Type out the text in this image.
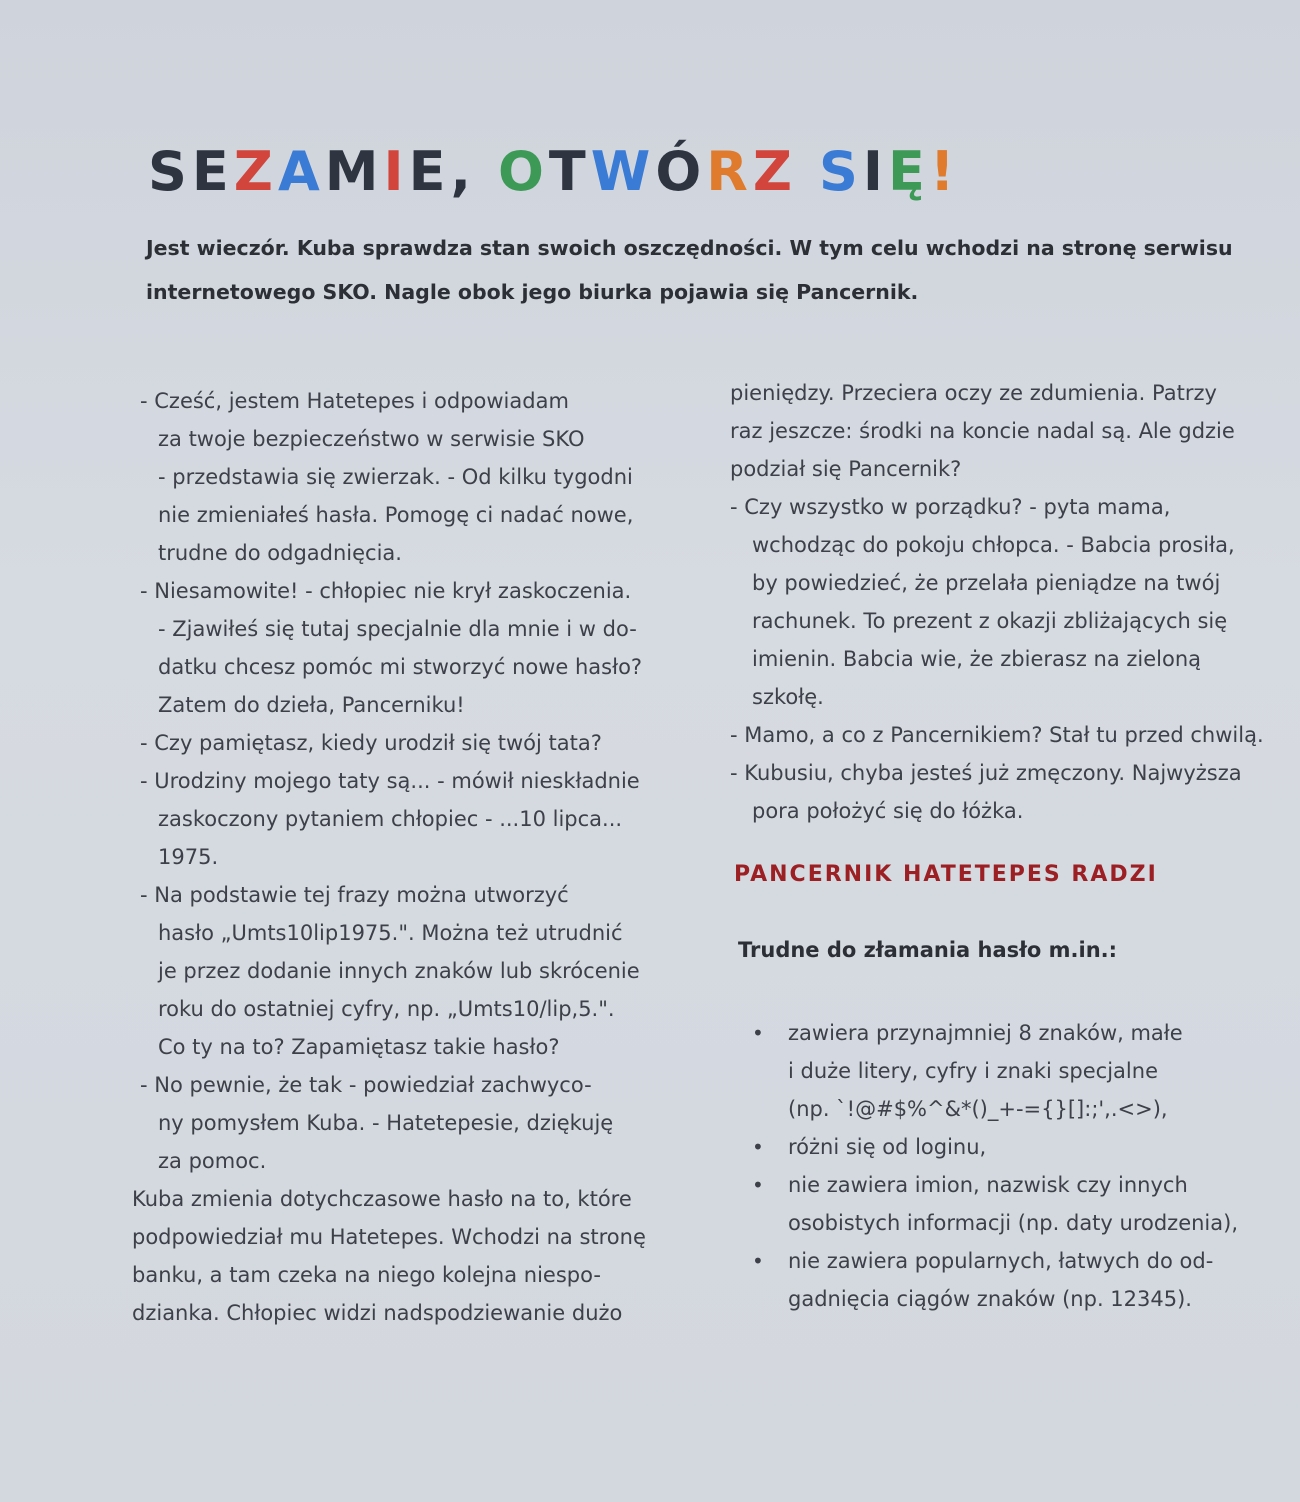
SEZAMIE, OTWÓRZ SIĘ!

Jest wieczór. Kuba sprawdza stan swoich oszczędności. W tym celu wchodzi na stronę serwisu
internetowego SKO. Nagle obok jego biurka pojawia się Pancernik.

- Cześć, jestem Hatetepes i odpowiadam
za twoje bezpieczeństwo w serwisie SKO
- przedstawia się zwierzak. - Od kilku tygodni
nie zmieniałeś hasła. Pomogę ci nadać nowe,
trudne do odgadnięcia.
- Niesamowite! - chłopiec nie krył zaskoczenia.
- Zjawiłeś się tutaj specjalnie dla mnie i w do-
datku chcesz pomóc mi stworzyć nowe hasło?
Zatem do dzieła, Pancerniku!
- Czy pamiętasz, kiedy urodził się twój tata?
- Urodziny mojego taty są... - mówił nieskładnie
zaskoczony pytaniem chłopiec - ...10 lipca...
1975.
- Na podstawie tej frazy można utworzyć
hasło „Umts10lip1975.". Można też utrudnić
je przez dodanie innych znaków lub skrócenie
roku do ostatniej cyfry, np. „Umts10/lip,5.".
Co ty na to? Zapamiętasz takie hasło?
- No pewnie, że tak - powiedział zachwyco-
ny pomysłem Kuba. - Hatetepesie, dziękuję
za pomoc.
Kuba zmienia dotychczasowe hasło na to, które
podpowiedział mu Hatetepes. Wchodzi na stronę
banku, a tam czeka na niego kolejna niespo-
dzianka. Chłopiec widzi nadspodziewanie dużo
pieniędzy. Przeciera oczy ze zdumienia. Patrzy
raz jeszcze: środki na koncie nadal są. Ale gdzie
podział się Pancernik?
- Czy wszystko w porządku? - pyta mama,
wchodząc do pokoju chłopca. - Babcia prosiła,
by powiedzieć, że przelała pieniądze na twój
rachunek. To prezent z okazji zbliżających się
imienin. Babcia wie, że zbierasz na zieloną
szkołę.
- Mamo, a co z Pancernikiem? Stał tu przed chwilą.
- Kubusiu, chyba jesteś już zmęczony. Najwyższa
pora położyć się do łóżka.
PANCERNIK HATETEPES RADZI

Trudne do złamania hasło m.in.:

• zawiera przynajmniej 8 znaków, małe
i duże litery, cyfry i znaki specjalne
(np. `!@#$%^&*()_+-={}[]:;',.<>),
• różni się od loginu,
• nie zawiera imion, nazwisk czy innych
osobistych informacji (np. daty urodzenia),
• nie zawiera popularnych, łatwych do od-
gadnięcia ciągów znaków (np. 12345).
